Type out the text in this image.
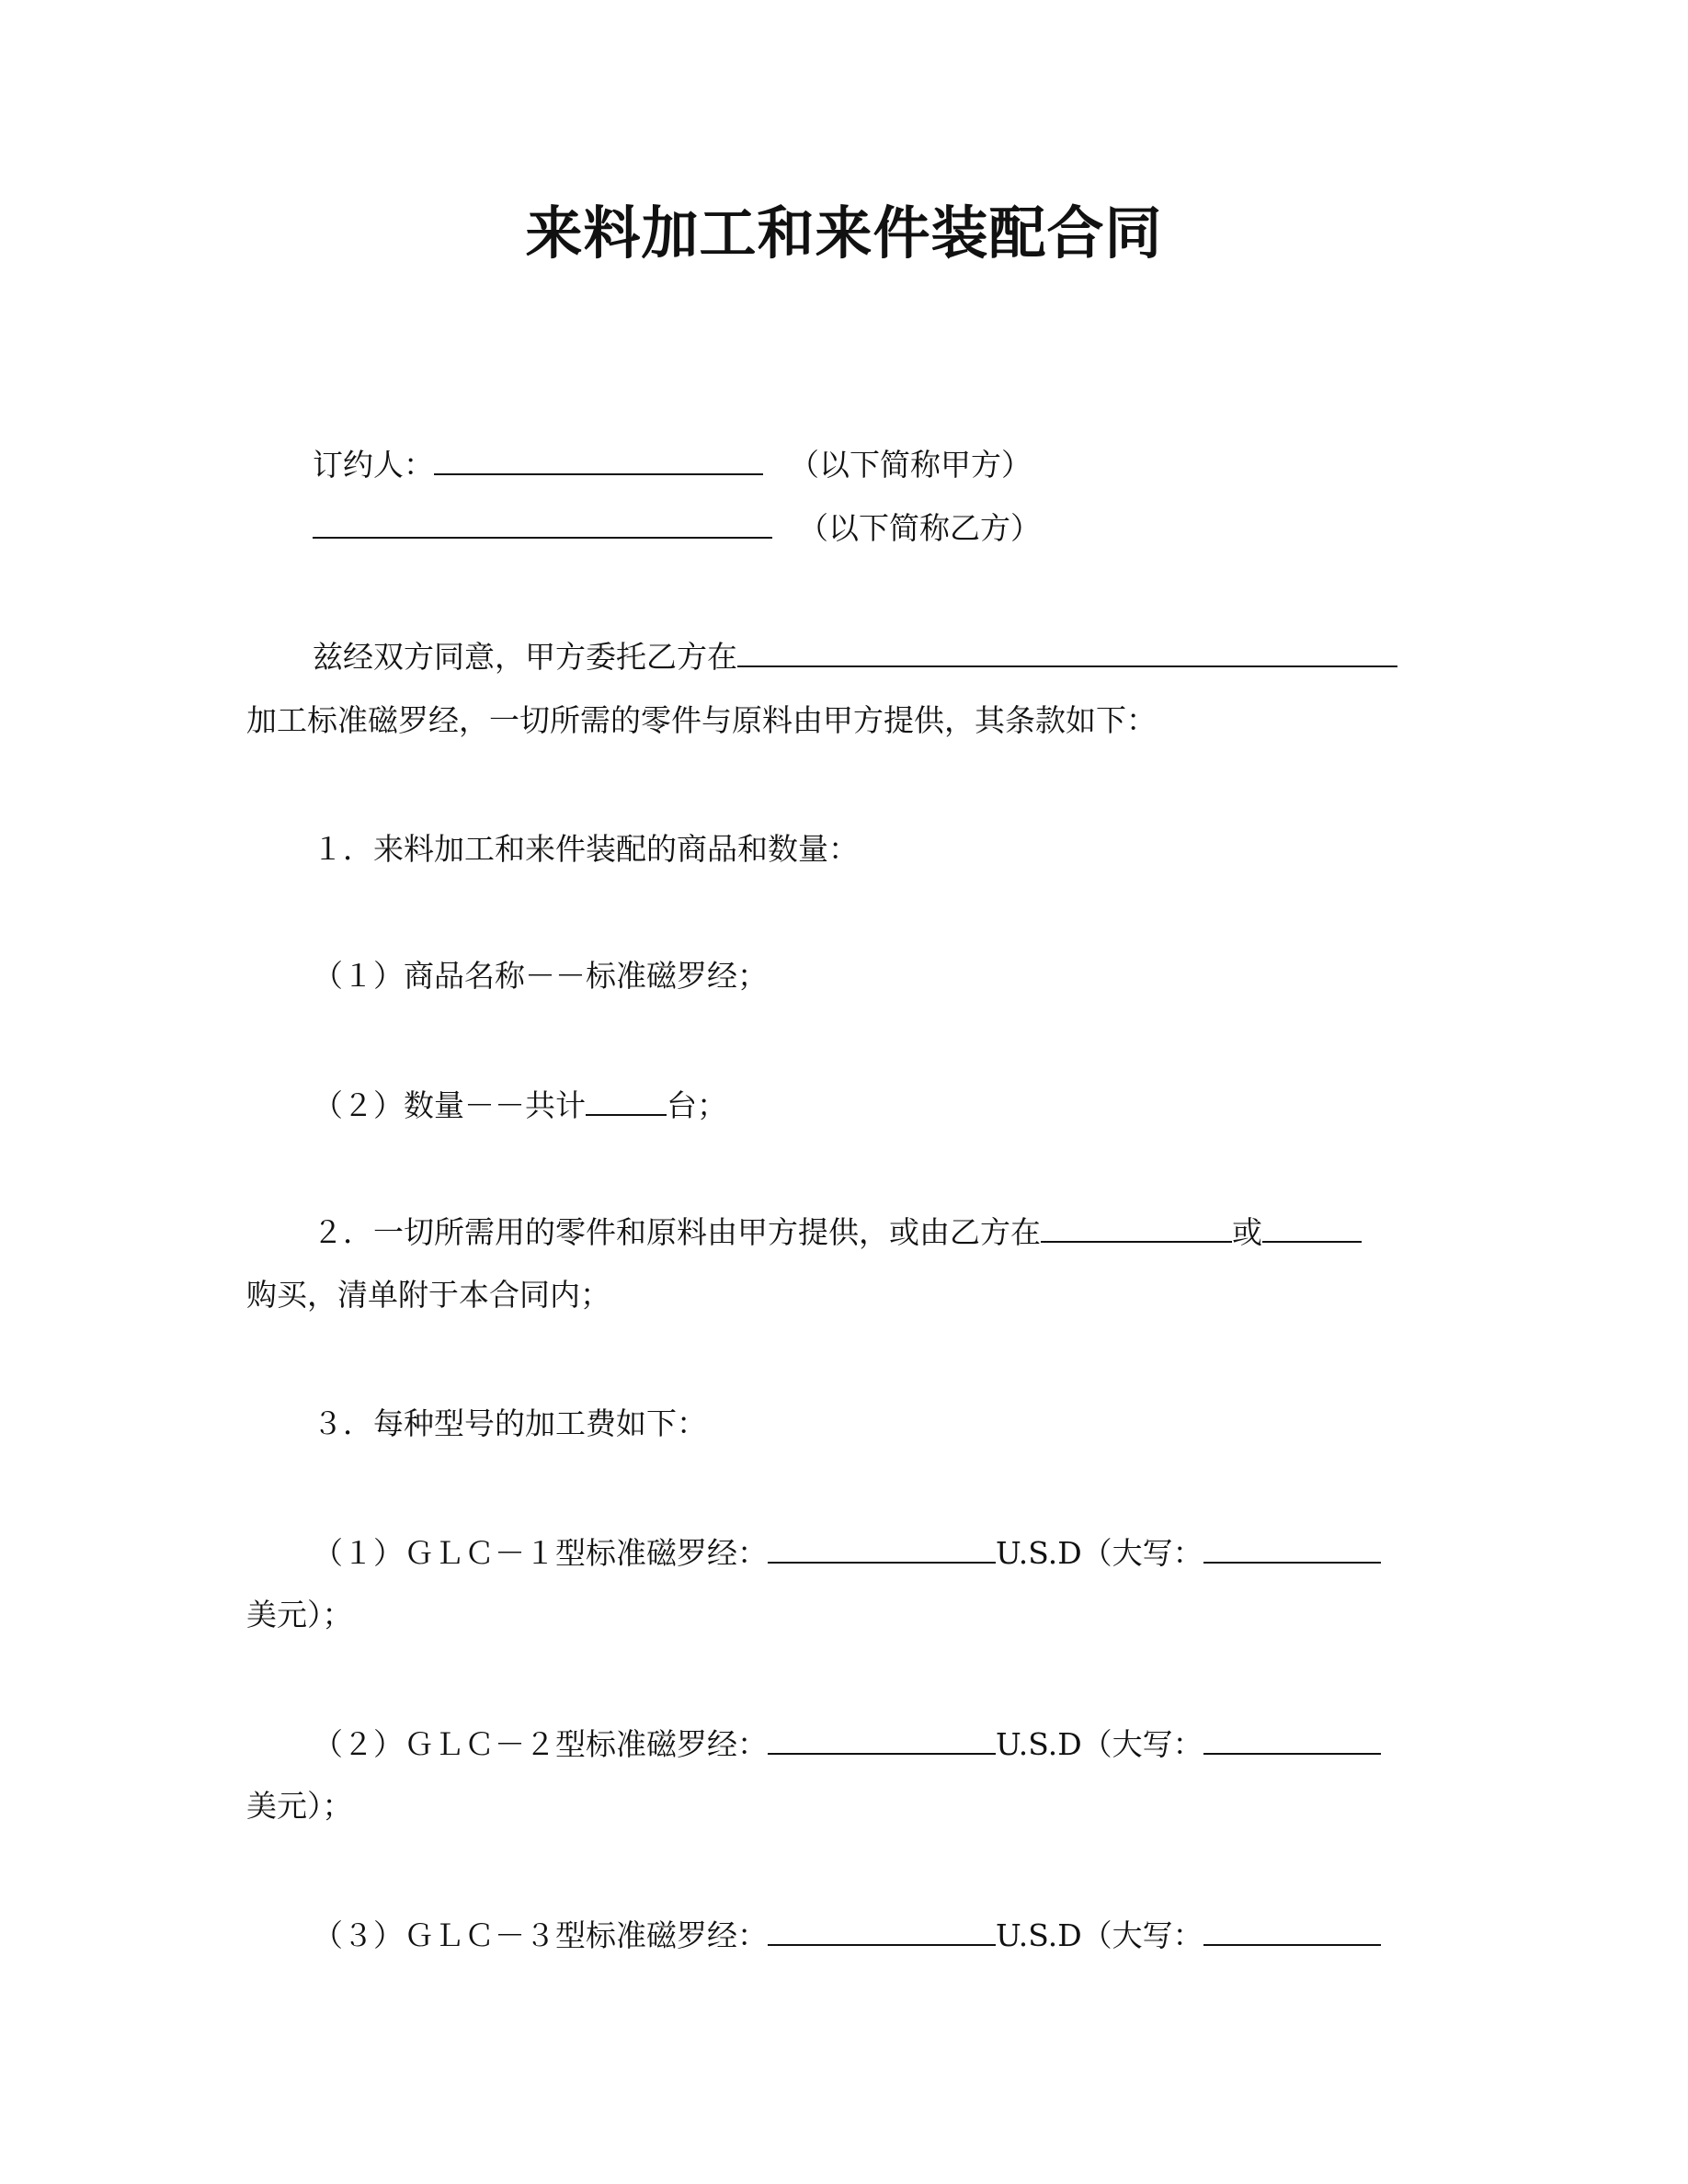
来料加工和来件装配合同
订约人：	（以下简称甲方）
（以下简称乙方）
兹经双方同意，甲方委托乙方在
加工标准磁罗经，一切所需的零件与原料由甲方提供，其条款如下：
１．来料加工和来件装配的商品和数量：
（１）商品名称－－标准磁罗经；
（２）数量－－共计	台；
２．一切所需用的零件和原料由甲方提供，或由乙方在	或
购买，清单附于本合同内；
３．每种型号的加工费如下：
（１）ＧＬＣ－１型标准磁罗经：	U.S.D（大写：
美元）；
（２）ＧＬＣ－２型标准磁罗经：	U.S.D（大写：
美元）；
（３）ＧＬＣ－３型标准磁罗经：	U.S.D（大写：
